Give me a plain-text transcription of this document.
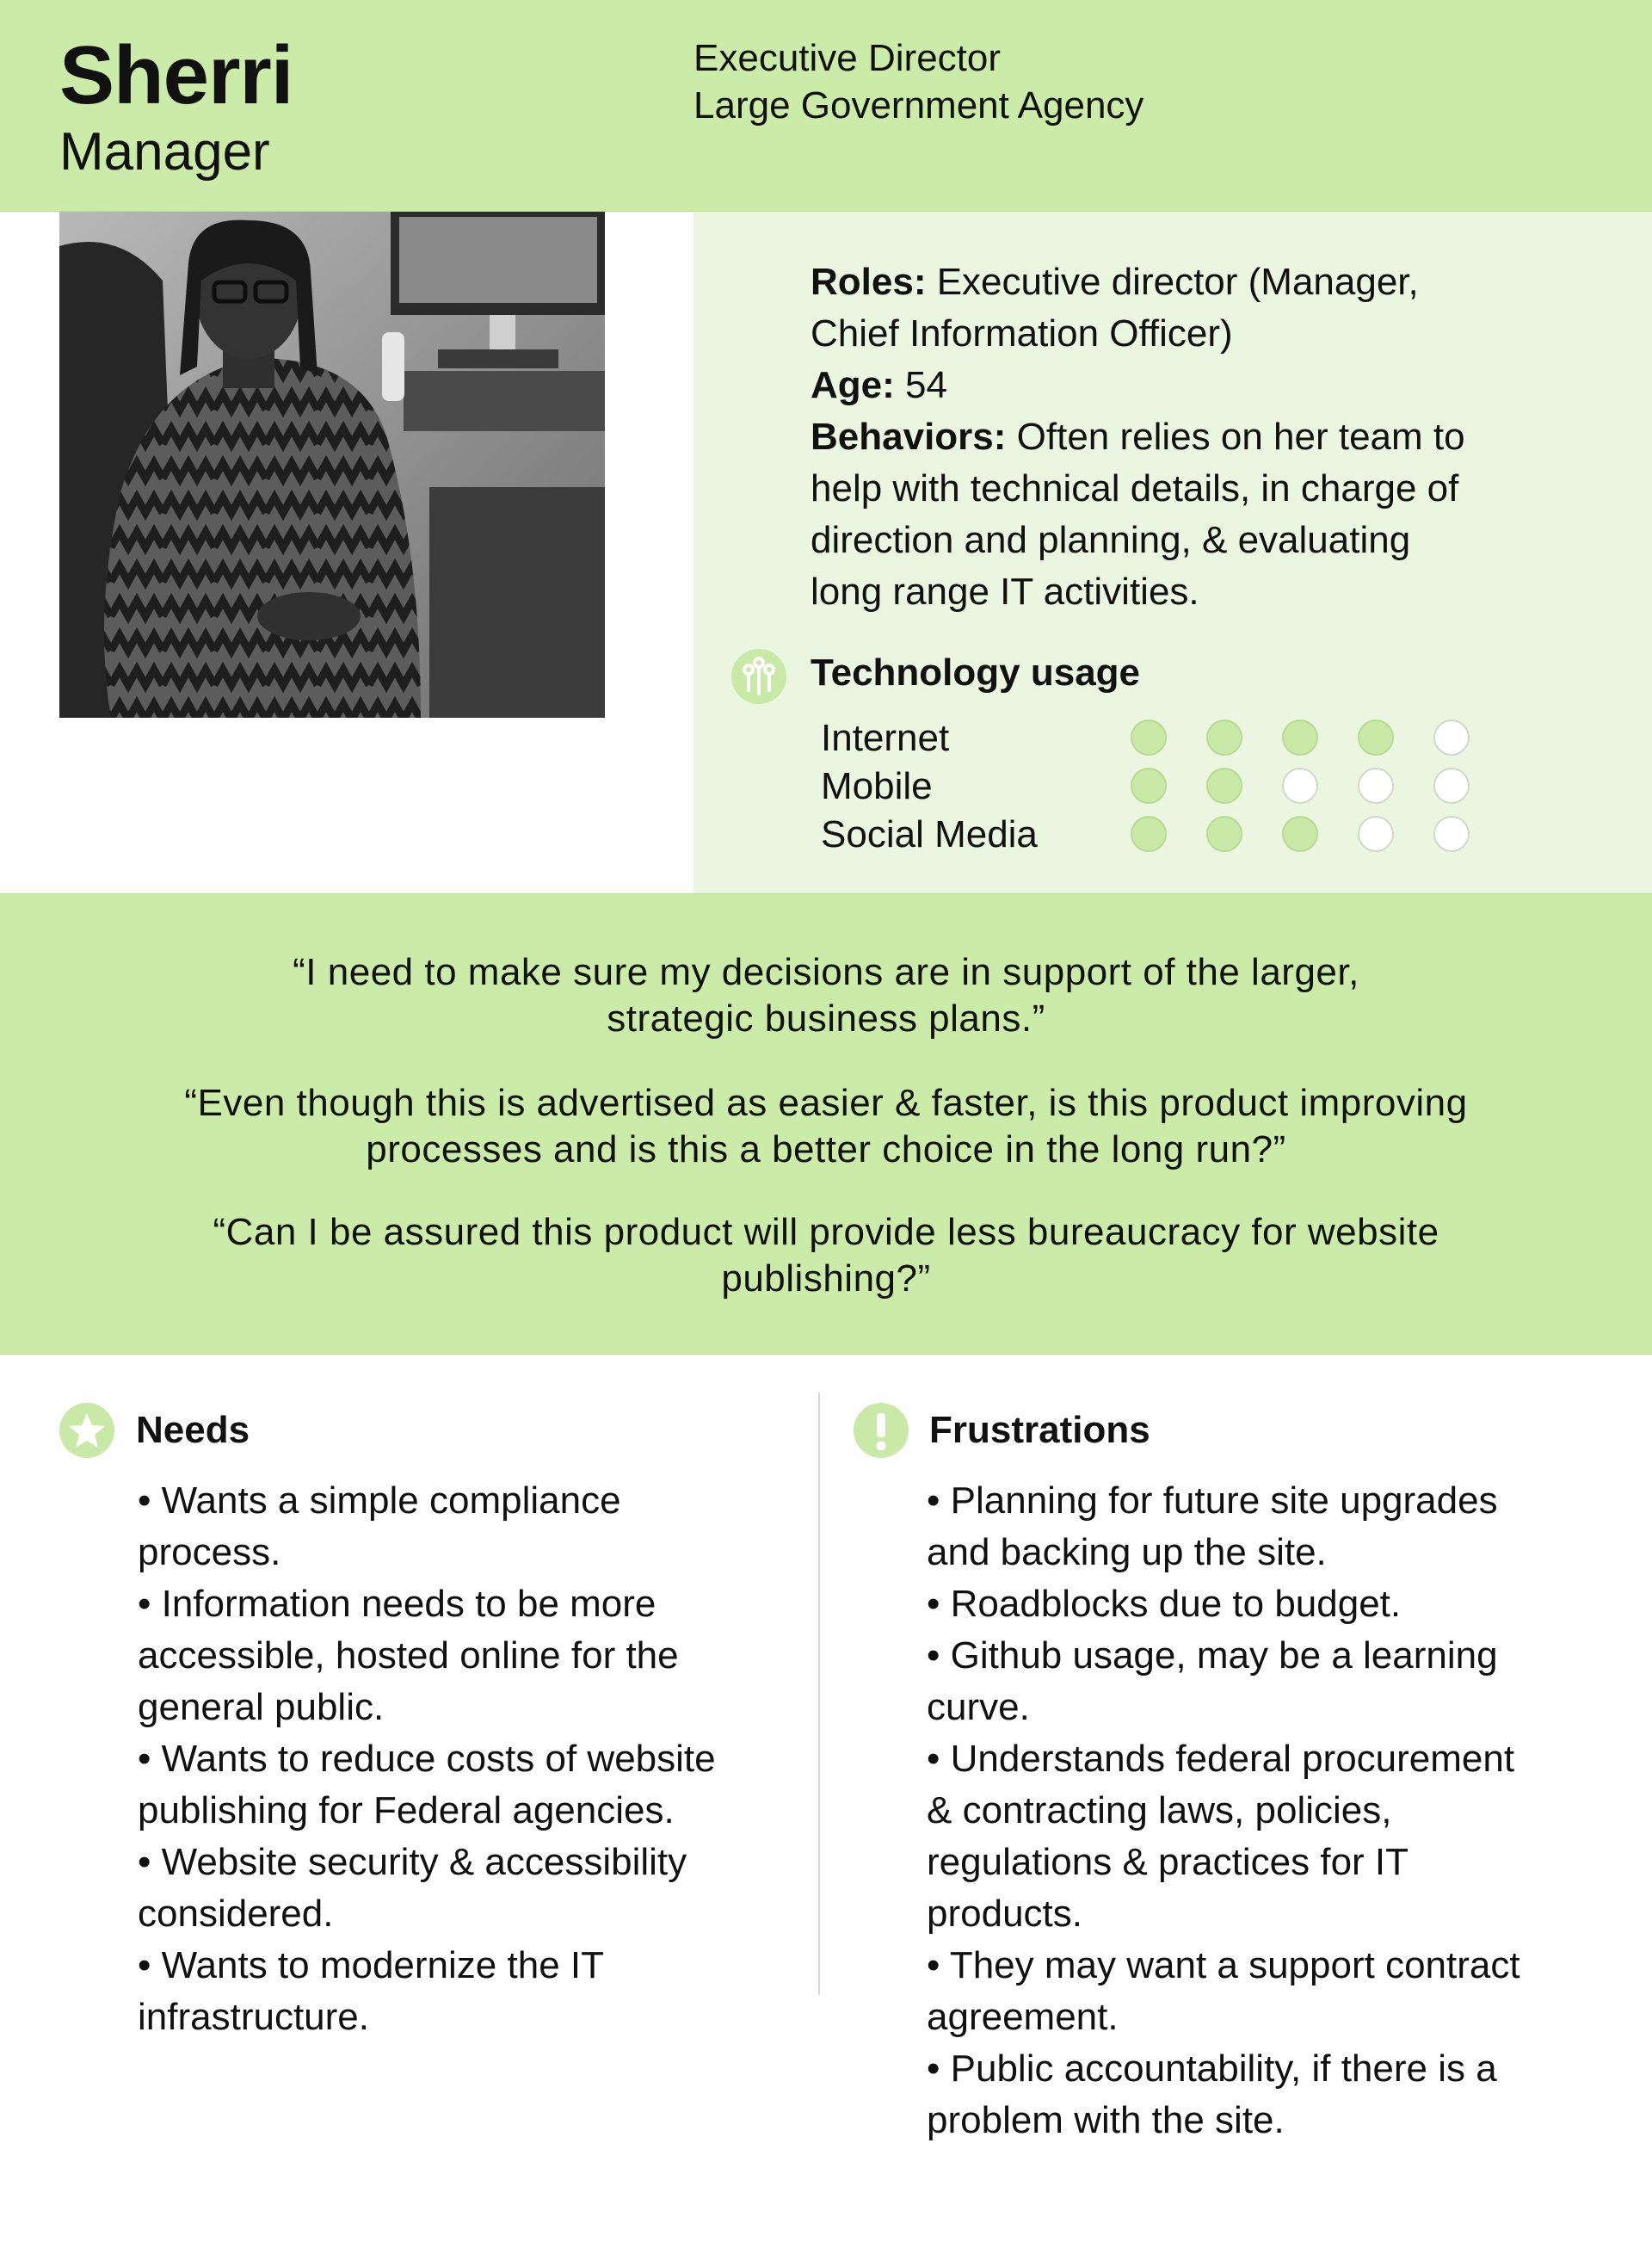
Sherri
Manager
Executive Director
Large Government Agency
Roles: Executive director (Manager,
Chief Information Officer)
Age: 54
Behaviors: Often relies on her team to
help with technical details, in charge of
direction and planning, & evaluating
long range IT activities.
Technology usage
Internet
Mobile
Social Media
“I need to make sure my decisions are in support of the larger,
strategic business plans.”
“Even though this is advertised as easier & faster, is this product improving
processes and is this a better choice in the long run?”
“Can I be assured this product will provide less bureaucracy for website
publishing?”
Needs
• Wants a simple compliance
process.
• Information needs to be more
accessible, hosted online for the
general public.
• Wants to reduce costs of website
publishing for Federal agencies.
• Website security & accessibility
considered.
• Wants to modernize the IT
infrastructure.
Frustrations
• Planning for future site upgrades
and backing up the site.
• Roadblocks due to budget.
• Github usage, may be a learning
curve.
• Understands federal procurement
& contracting laws, policies,
regulations & practices for IT
products.
• They may want a support contract
agreement.
• Public accountability, if there is a
problem with the site.
